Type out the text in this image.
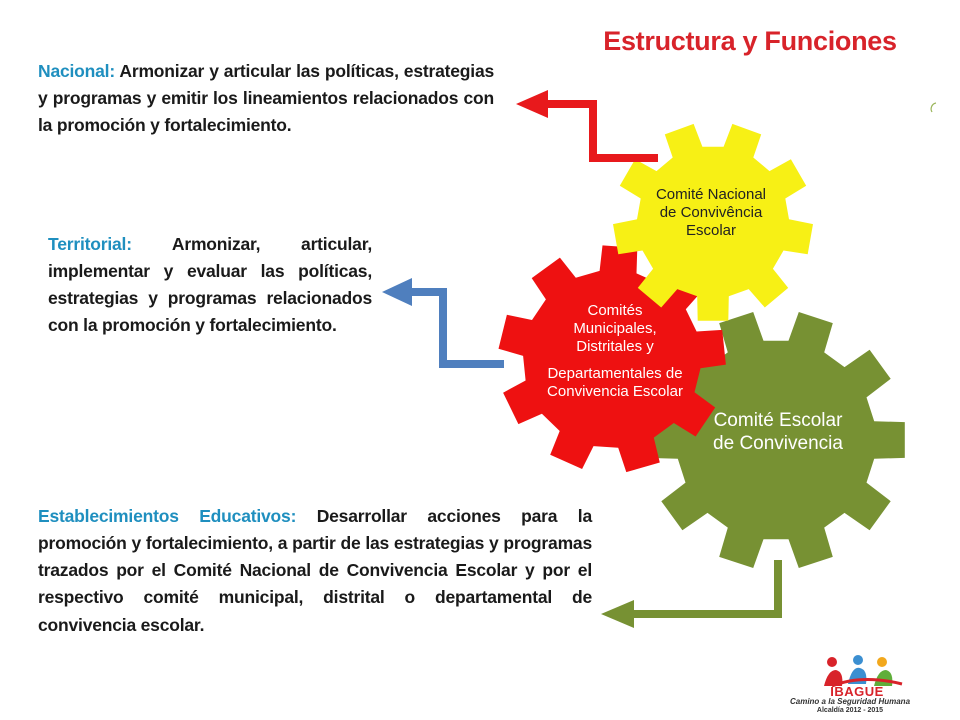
Estructura y Funciones
Nacional: Armonizar y articular las políticas, estrategias y programas y emitir los lineamientos relacionados con la promoción y fortalecimiento.
Territorial: Armonizar, articular, implementar y evaluar las políticas, estrategias y programas relacionados con la promoción y fortalecimiento.
Establecimientos Educativos: Desarrollar acciones para la promoción y fortalecimiento, a partir de las estrategias y programas trazados por el Comité Nacional de Convivencia Escolar y por el respectivo comité municipal, distrital o departamental de convivencia escolar.
Comité Nacional de Convivência Escolar
Comités Municipales, Distritales y
Departamentales de Convivencia Escolar
Comité Escolar de Convivencia
IBAGUE
Camino a la Seguridad Humana
Alcaldía 2012 - 2015
